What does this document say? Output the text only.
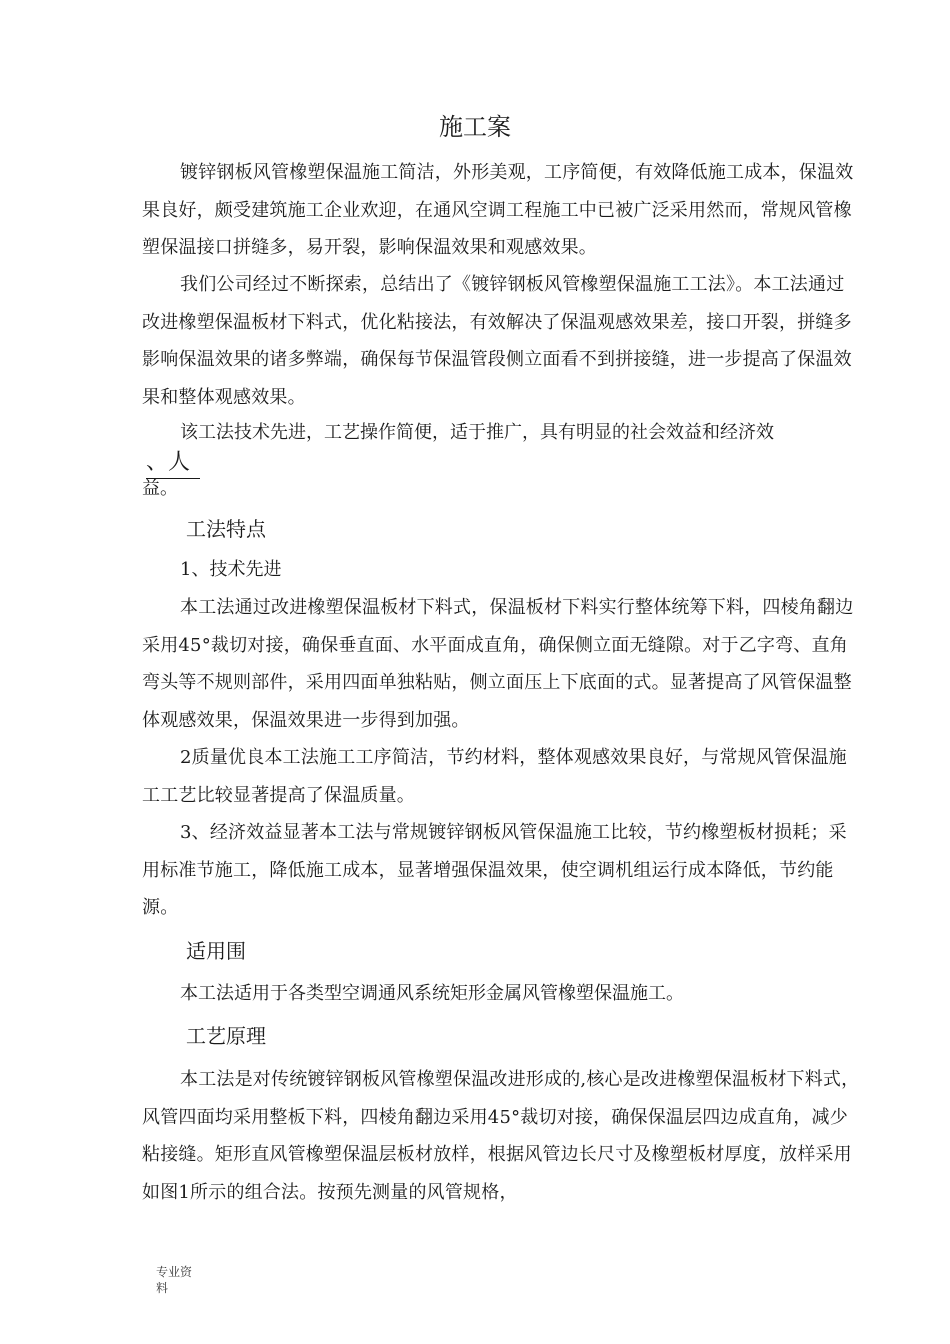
施工案
镀锌钢板风管橡塑保温施工简洁，外形美观，工序简便，有效降低施工成本，保温效果良好，颇受建筑施工企业欢迎，在通风空调工程施工中已被广泛采用然而，常规风管橡塑保温接口拼缝多，易开裂，影响保温效果和观感效果。
我们公司经过不断探索，总结出了《镀锌钢板风管橡塑保温施工工法》。本工法通过改进橡塑保温板材下料式，优化粘接法，有效解决了保温观感效果差，接口开裂，拼缝多影响保温效果的诸多弊端，确保每节保温管段侧立面看不到拼接缝，进一步提高了保温效果和整体观感效果。
该工法技术先进，工艺操作简便，适于推广，具有明显的社会效益和经济效
、人
益。
工法特点
1、技术先进
本工法通过改进橡塑保温板材下料式，保温板材下料实行整体统筹下料，四棱角翻边采用45°裁切对接，确保垂直面、水平面成直角，确保侧立面无缝隙。对于乙字弯、直角弯头等不规则部件，采用四面单独粘贴，侧立面压上下底面的式。显著提高了风管保温整体观感效果，保温效果进一步得到加强。
2质量优良本工法施工工序简洁，节约材料，整体观感效果良好，与常规风管保温施工工艺比较显著提高了保温质量。
3、经济效益显著本工法与常规镀锌钢板风管保温施工比较，节约橡塑板材损耗；采用标准节施工，降低施工成本，显著增强保温效果，使空调机组运行成本降低，节约能源。
适用围
本工法适用于各类型空调通风系统矩形金属风管橡塑保温施工。
工艺原理
本工法是对传统镀锌钢板风管橡塑保温改进形成的,核心是改进橡塑保温板材下料式，风管四面均采用整板下料，四棱角翻边采用45°裁切对接，确保保温层四边成直角，减少粘接缝。矩形直风管橡塑保温层板材放样，根据风管边长尺寸及橡塑板材厚度，放样采用如图1所示的组合法。按预先测量的风管规格，
专业资
料
